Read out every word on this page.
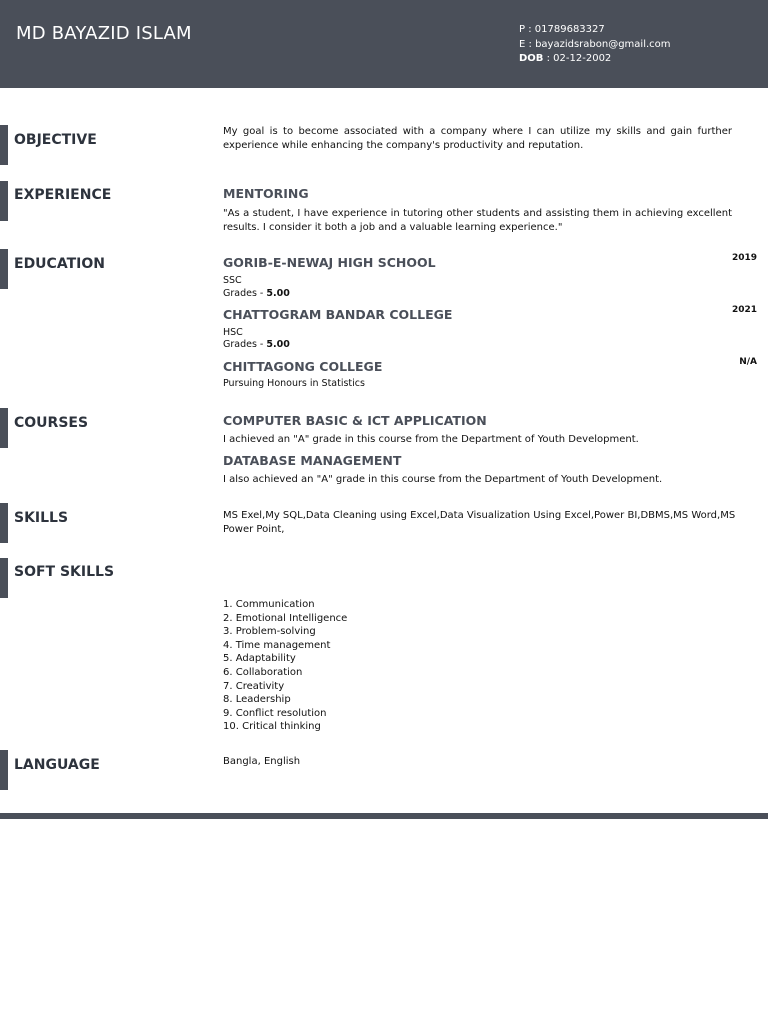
MD BAYAZID ISLAM	P : 01789683327
E : bayazidsrabon@gmail.com
DOB : 02-12-2002
OBJECTIVE
My goal is to become associated with a company where I can utilize my skills and gain further experience while enhancing the company's productivity and reputation.
EXPERIENCE	MENTORING
"As a student, I have experience in tutoring other students and assisting them in achieving excellent results. I consider it both a job and a valuable learning experience."
EDUCATION	GORIB-E-NEWAJ HIGH SCHOOL	2019
SSC
Grades - 5.00
CHATTOGRAM BANDAR COLLEGE	2021
HSC
Grades - 5.00
CHITTAGONG COLLEGE	N/A
Pursuing Honours in Statistics
COURSES	COMPUTER BASIC & ICT APPLICATION
I achieved an "A" grade in this course from the Department of Youth Development.
DATABASE MANAGEMENT
I also achieved an "A" grade in this course from the Department of Youth Development.
SKILLS	MS Exel,My SQL,Data Cleaning using Excel,Data Visualization Using Excel,Power BI,DBMS,MS Word,MS Power Point,
SOFT SKILLS
1. Communication
2. Emotional Intelligence
3. Problem-solving
4. Time management
5. Adaptability
6. Collaboration
7. Creativity
8. Leadership
9. Conflict resolution
10. Critical thinking
LANGUAGE	Bangla, English
